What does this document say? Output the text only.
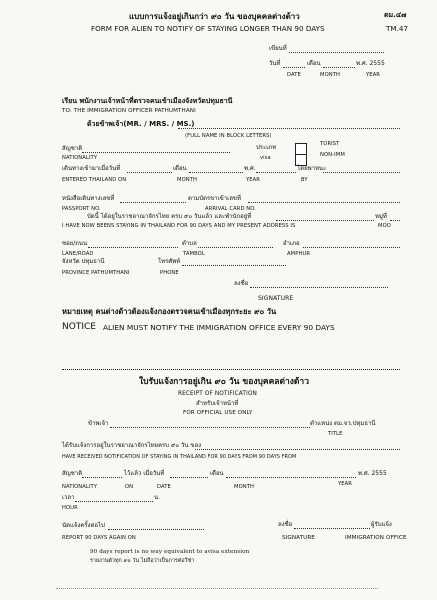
แบบการแจ้งอยู่เกินกว่า ๙๐ วัน ของบุคคลต่างด้าว
FORM FOR ALIEN TO NOTIFY OF STAYING LONGER THAN 90 DAYS
ตม.๔๗
TM.47
เขียนที่
วันที่	เดือน	พ.ศ. 2555
DATE	MONTH	YEAR
เรียน พนักงานเจ้าหน้าที่ตรวจคนเข้าเมืองจังหวัดปทุมธานี
TO: THE IMMIGRATION OFFICER PATHUMTHANI
ด้วยข้าพเจ้า(MR. / MRS. / MS.)
(FULL NAME IN BLOCK LETTERS)
สัญชาติ
NATIONALITY
ประเภท
visa
TORIST
NON-IMM
เดินทางเข้ามาเมื่อวันที่	เดือน	พ.ศ.	โดยพาหนะ
ENTERED THAILAND ON	MONTH	YEAR	BY
หนังสือเดินทางเลขที่	ตามบัตรขาเข้าเลขที่
PASSPORT NO.	ARRIVAL CARD NO.
บัดนี้ ได้อยู่ในราชอาณาจักรไทย ครบ ๙๐ วันแล้ว และพำนักอยู่ที่	หมู่ที่
I HAVE NOW BEENS STAYING IN THAILAND FOR 90 DAYS AND MY PRESENT ADDRESS IS	MOO
ซอย/ถนน	ตำบล	อำเภอ
LANE/ROAD	TAMBOL	AMPHUR
จังหวัด ปทุมธานี	โทรศัพท์
PROVINCE PATHUMTHANI	PHONE
ลงชื่อ
SIGNATURE
หมายเหตุ คนต่างด้าวต้องแจ้งกองตรวจคนเข้าเมืองทุกระยะ ๙๐ วัน
NOTICE ALIEN MUST NOTIFY THE IMMIGRATION OFFICE EVERY 90 DAYS
ใบรับแจ้งการอยู่เกิน ๙๐ วัน ของบุคคลต่างด้าว
RECEIPT OF NOTIFICATION
สำหรับเจ้าหน้าที่
FOR OFFICIAL USE ONLY
ข้าพเจ้า	ตำแหน่ง ตม.จว.ปทุมธานี
TITLE
ได้รับแจ้งการอยู่ในราชอาณาจักรไทยครบ ๙๐ วัน ของ
HAVE RECEIVED NOTIFICATION OF STAYING IN THAILAND FOR 90 DAYS FROM 90 DAYS FROM
สัญชาติ	ไว้แล้ว เมื่อวันที่	เดือน	พ.ศ. 2555
NATIONALITY	ON	DATE	MONTH	YEAR
เวลา	น.
HOUR
นัดแจ้งครั้งต่อไป
REPORT 90 DAYS AGAIN ON
ลงชื่อ	ผู้รับแจ้ง
SIGNATURE	IMMIGRATION OFFICE
90 days report is no way equivalent to avisa extension
รายงานตัวทุก ๙๐ วัน ไม่ถือว่าเป็นการต่อวีซ่า
